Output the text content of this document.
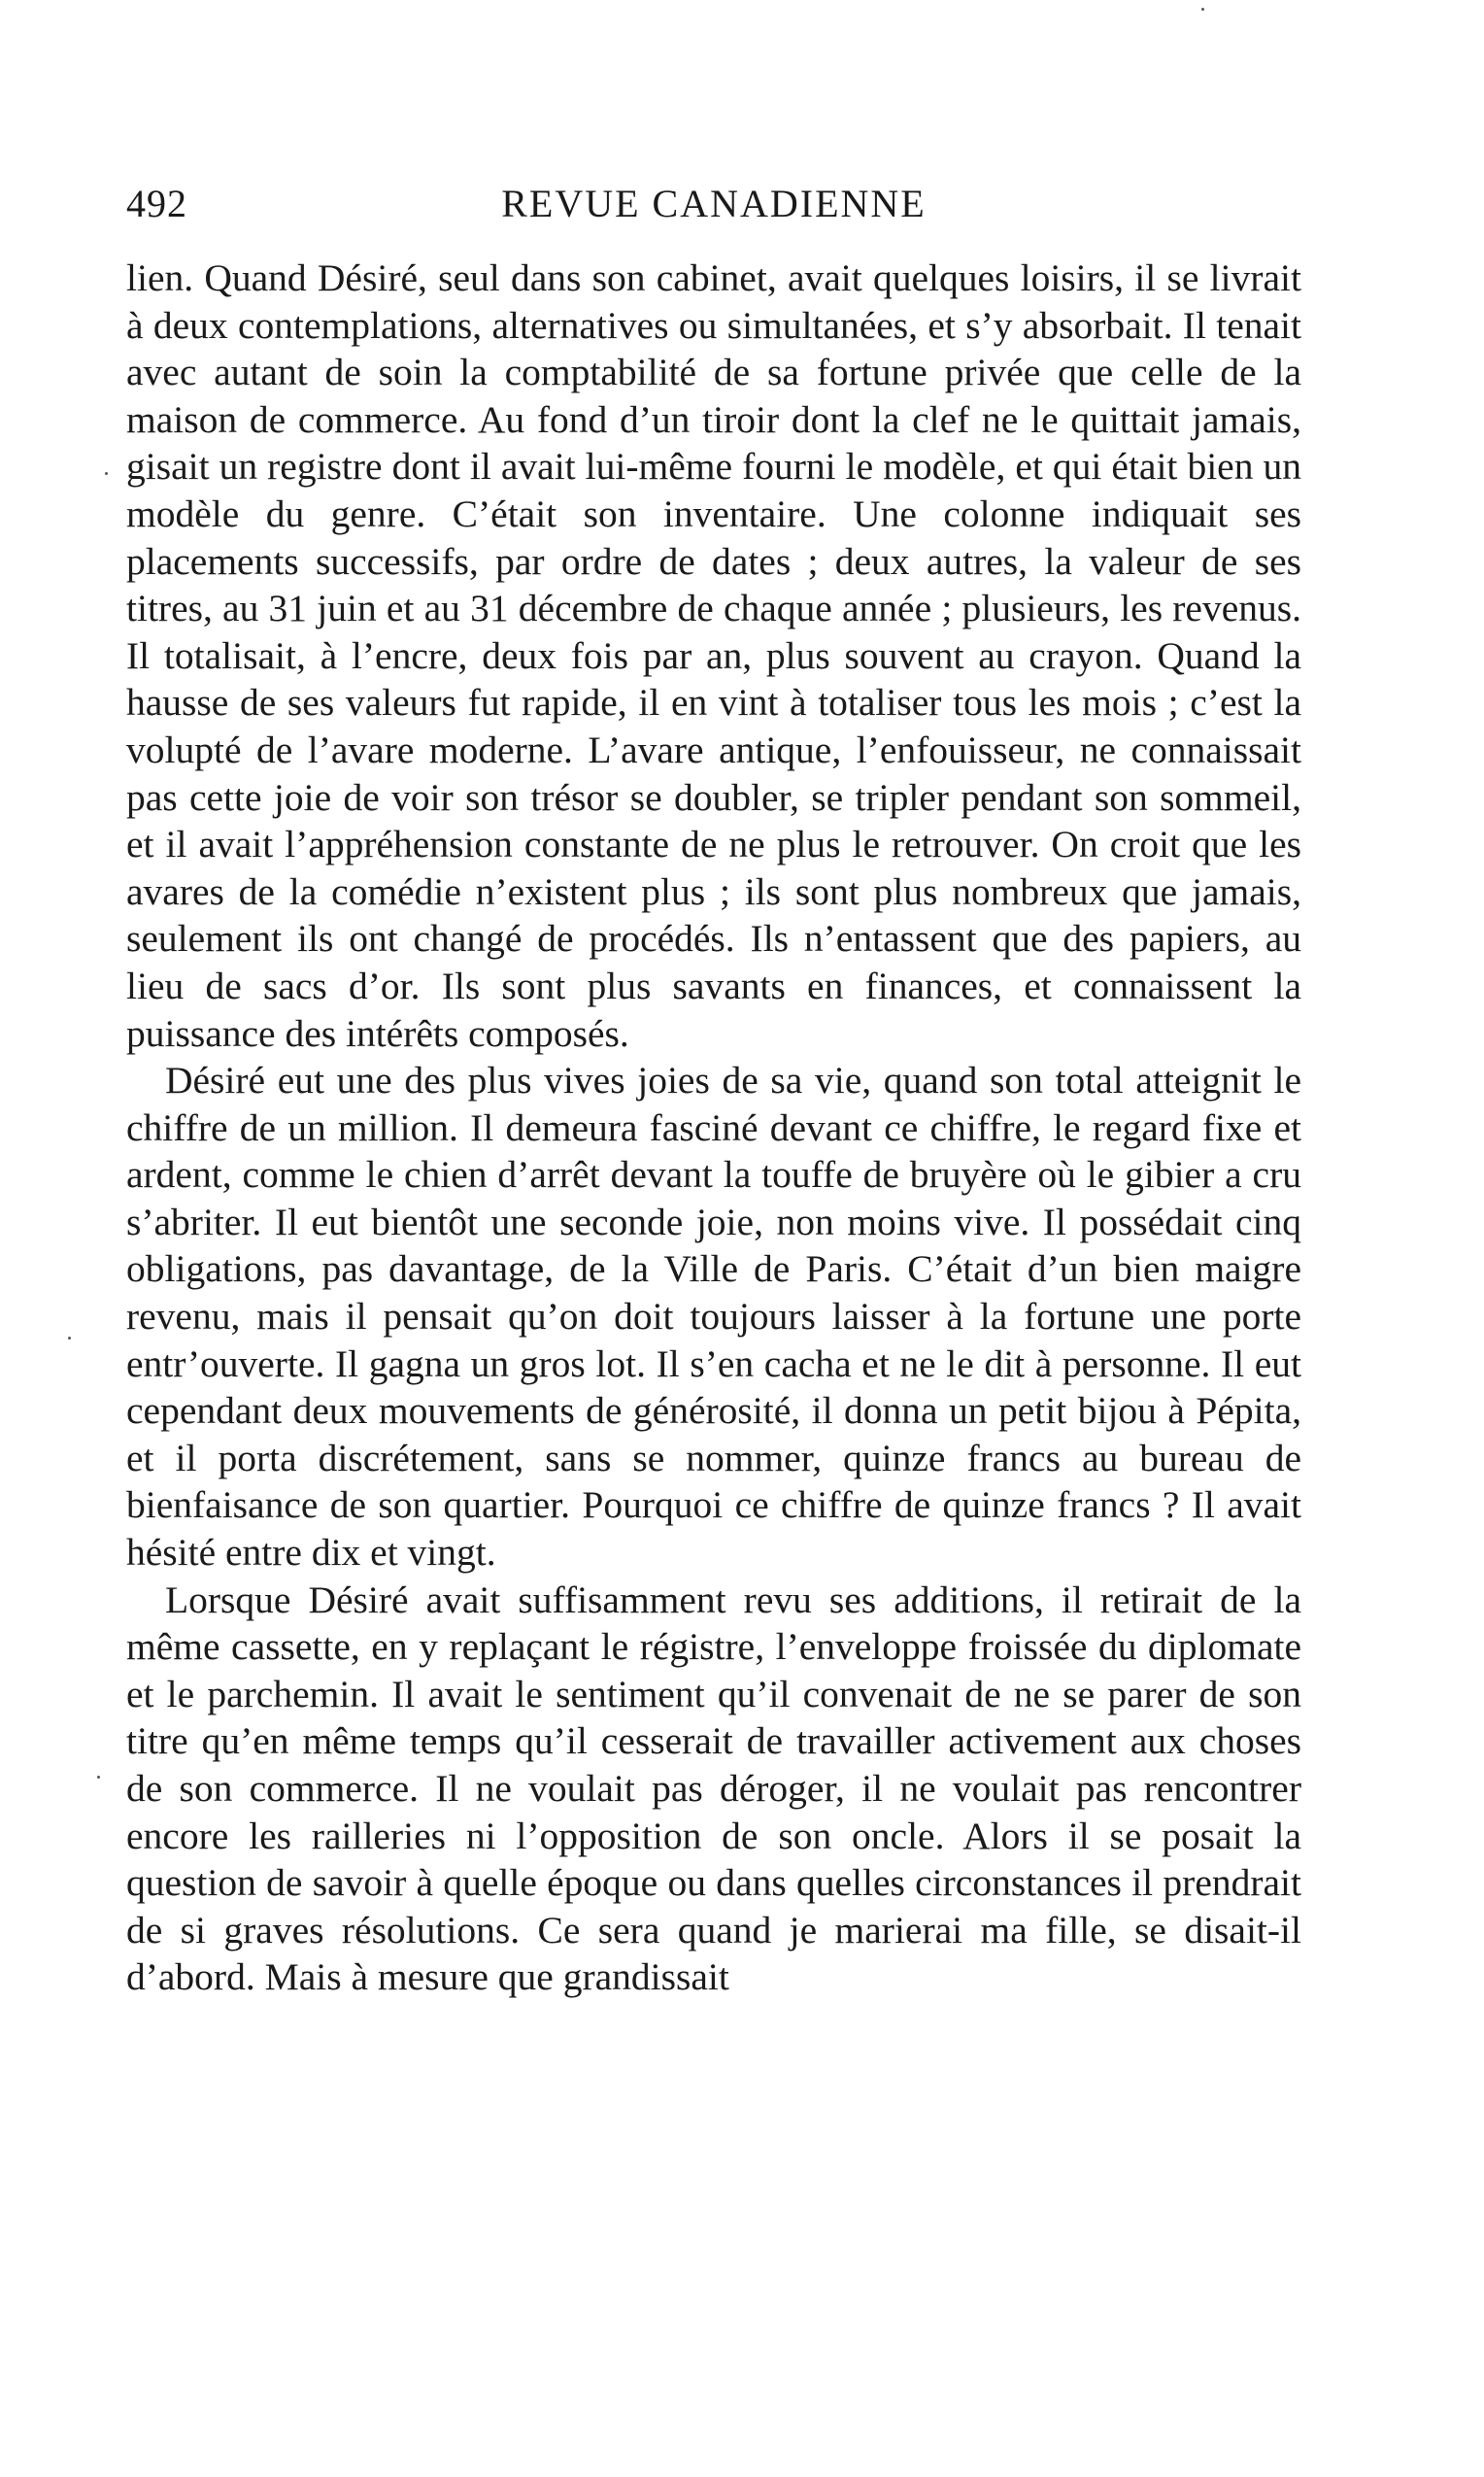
492	REVUE CANADIENNE

lien. Quand Désiré, seul dans son cabinet, avait quelques loisirs, il se livrait à deux contemplations, alternatives ou simultanées, et s’y absorbait. Il tenait avec autant de soin la comptabilité de sa fortune privée que celle de la maison de commerce. Au fond d’un tiroir dont la clef ne le quittait jamais, gisait un registre dont il avait lui-même fourni le modèle, et qui était bien un modèle du genre. C’était son inventaire. Une colonne indiquait ses placements successifs, par ordre de dates ; deux autres, la valeur de ses titres, au 31 juin et au 31 décembre de chaque année ; plusieurs, les revenus. Il totalisait, à l’encre, deux fois par an, plus souvent au crayon. Quand la hausse de ses valeurs fut rapide, il en vint à totaliser tous les mois ; c’est la volupté de l’avare moderne. L’avare antique, l’enfouisseur, ne connaissait pas cette joie de voir son trésor se doubler, se tripler pendant son sommeil, et il avait l’appréhension constante de ne plus le retrouver. On croit que les avares de la comédie n’existent plus ; ils sont plus nombreux que jamais, seulement ils ont changé de procédés. Ils n’entassent que des papiers, au lieu de sacs d’or. Ils sont plus savants en finances, et connaissent la puissance des intérêts composés.

Désiré eut une des plus vives joies de sa vie, quand son total atteignit le chiffre de un million. Il demeura fasciné devant ce chiffre, le regard fixe et ardent, comme le chien d’arrêt devant la touffe de bruyère où le gibier a cru s’abriter. Il eut bientôt une seconde joie, non moins vive. Il possédait cinq obligations, pas davantage, de la Ville de Paris. C’était d’un bien maigre revenu, mais il pensait qu’on doit toujours laisser à la fortune une porte entr’ouverte. Il gagna un gros lot. Il s’en cacha et ne le dit à personne. Il eut cependant deux mouvements de générosité, il donna un petit bijou à Pépita, et il porta discrétement, sans se nommer, quinze francs au bureau de bienfaisance de son quartier. Pourquoi ce chiffre de quinze francs ? Il avait hésité entre dix et vingt.

Lorsque Désiré avait suffisamment revu ses additions, il retirait de la même cassette, en y replaçant le régistre, l’enveloppe froissée du diplomate et le parchemin. Il avait le sentiment qu’il convenait de ne se parer de son titre qu’en même temps qu’il cesserait de travailler activement aux choses de son commerce. Il ne voulait pas déroger, il ne voulait pas rencontrer encore les railleries ni l’opposition de son oncle. Alors il se posait la question de savoir à quelle époque ou dans quelles circonstances il prendrait de si graves résolutions. Ce sera quand je marierai ma fille, se disait-il d’abord. Mais à mesure que grandissait
